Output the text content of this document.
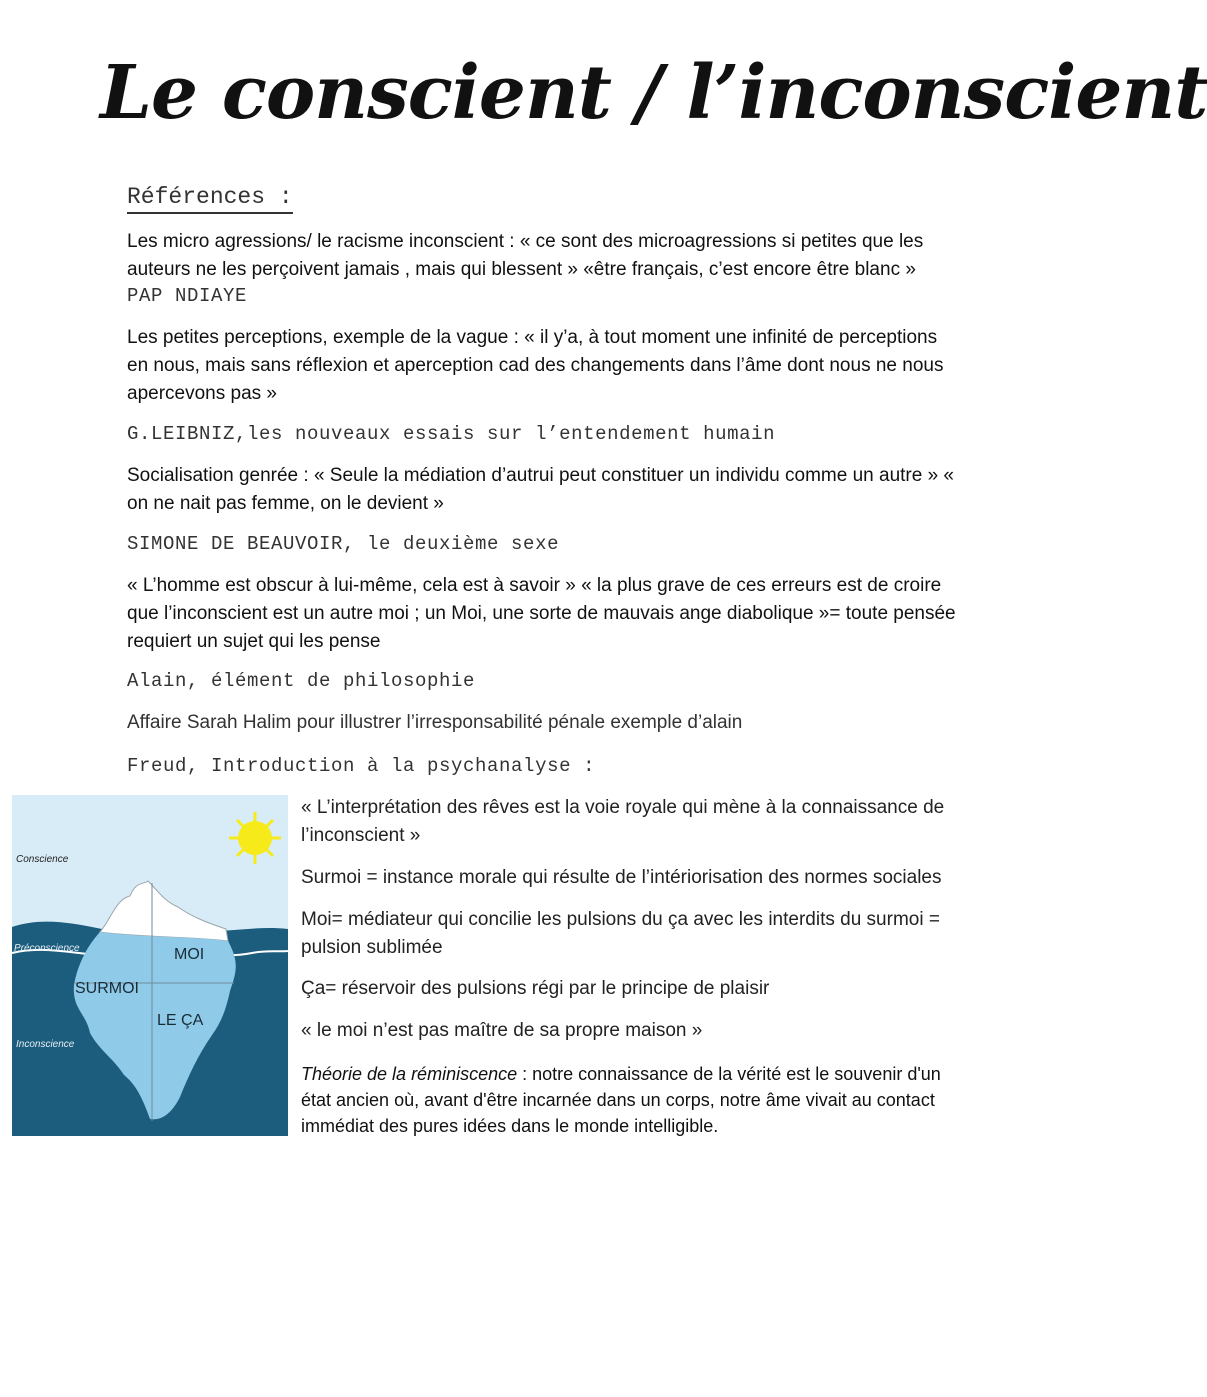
Le conscient / l’inconscient
Références :
Les micro agressions/ le racisme inconscient : « ce sont des microagressions si petites que les auteurs ne les perçoivent jamais , mais qui blessent » «être français, c’est encore être blanc »
PAP NDIAYE
Les petites perceptions, exemple de la vague : « il y’a, à tout moment une infinité de perceptions en nous, mais sans réflexion et aperception cad des changements dans l’âme dont nous ne nous apercevons pas »
G.LEIBNIZ,les nouveaux essais sur l’entendement humain
Socialisation genrée : « Seule la médiation d’autrui peut constituer un individu comme un autre » « on ne nait pas femme, on le devient »
SIMONE DE BEAUVOIR, le deuxième sexe
« L’homme est obscur à lui-même, cela est à savoir » « la plus grave de ces erreurs est de croire que l’inconscient est un autre moi ; un Moi, une sorte de mauvais ange diabolique »= toute pensée requiert un sujet qui les pense
Alain, élément de philosophie
Affaire Sarah Halim pour illustrer l’irresponsabilité pénale exemple d’alain
Freud, Introduction à la psychanalyse :
Conscience
Préconscience
Inconscience
MOI
SURMOI
LE ÇA
« L’interprétation des rêves est la voie royale qui mène à la connaissance de l’inconscient »
Surmoi = instance morale qui résulte de l’intériorisation des normes sociales
Moi= médiateur qui concilie les pulsions du ça avec les interdits du surmoi = pulsion sublimée
Ça= réservoir des pulsions régi par le principe de plaisir
« le moi n’est pas maître de sa propre maison »
Théorie de la réminiscence : notre connaissance de la vérité est le souvenir d'un état ancien où, avant d'être incarnée dans un corps, notre âme vivait au contact immédiat des pures idées dans le monde intelligible.
